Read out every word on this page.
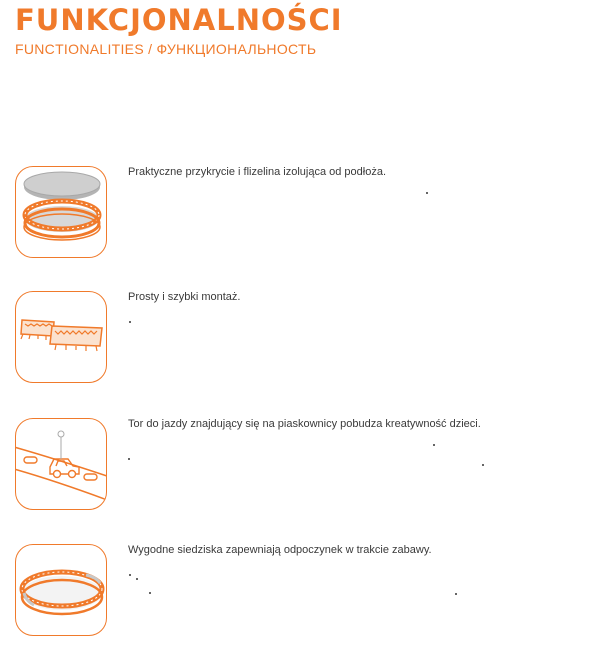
FUNKCJONALNOŚCI
FUNCTIONALITIES / ФУНКЦИОНАЛЬНОСТЬ
Praktyczne przykrycie i flizelina izolująca od podłoża.
Prosty i szybki montaż.
Tor do jazdy znajdujący się na piaskownicy pobudza kreatywność dzieci.
Wygodne siedziska zapewniają odpoczynek w trakcie zabawy.
